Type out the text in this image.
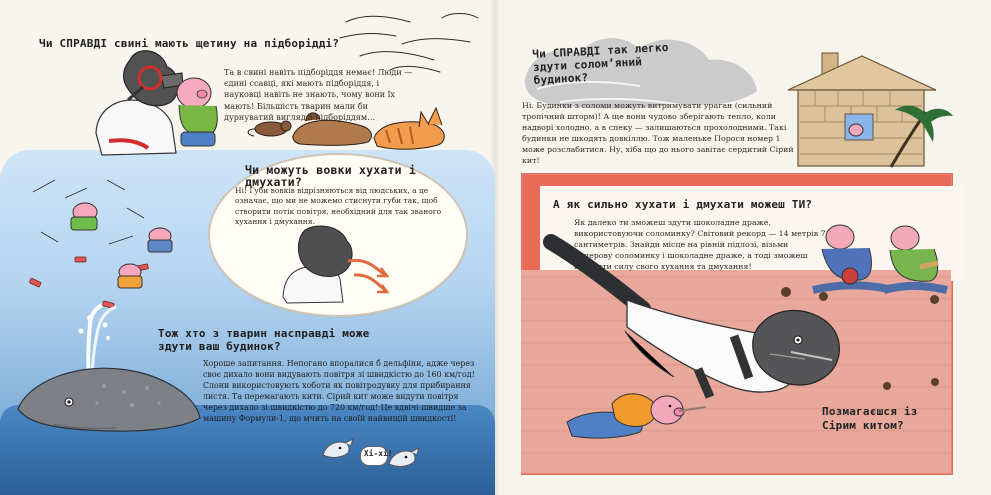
Чи СПРАВДІ свині мають щетину на підборідді?
Та в свині навіть підборіддя немає! Люди — єдині ссавці, які мають підборіддя, і науковці навіть не знають, чому вони їх мають! Більшість тварин мали би дурнуватий вигляд з підборіддям…
Чи можуть вовки хухати і дмухати?
Ні! Губи вовків відрізняються від людських, а це означає, що ми не можемо стиснути губи так, щоб створити потік повітря, необхідний для так званого хухання і дмухання.
Хі-хі!
Тож хто з тварин насправді може здути ваш будинок?
Хороше запитання. Непогано впоралися б дельфіни, адже через своє дихало вони видувають повітря зі швидкістю до 160 км/год! Слони використовують хоботи як повітродувку для прибирання листя. Та перемагають кити. Сірий кит може видути повітря через дихало зі швидкістю до 720 км/год! Це вдвічі швидше за машину Формули-1, що мчить на своїй найвищій швидкості!
Чи СПРАВДІ так легко здути солом’яний будинок?
Ні. Будинки з соломи можуть витримувати ураган (сильний тропічний шторм)! А ще вони чудово зберігають тепло, коли надворі холодно, а в спеку — залишаються прохолодними. Такі будинки не шкодять довкіллю. Тож маленьке Порося номер 1 може розслабитися. Ну, хіба що до нього завітає сердитий Сірий кит!
А як сильно хухати і дмухати можеш ТИ?
Як далеко ти зможеш здути шоколадне драже, використовуючи соломинку? Світовий рекорд — 14 метрів 7 сантиметрів. Знайди місце на рівній підлозі, візьми паперову соломинку і шоколадне драже, а тоді зможеш виміряти силу свого хухання та дмухання!
Позмагаєшся із Сірим китом?
